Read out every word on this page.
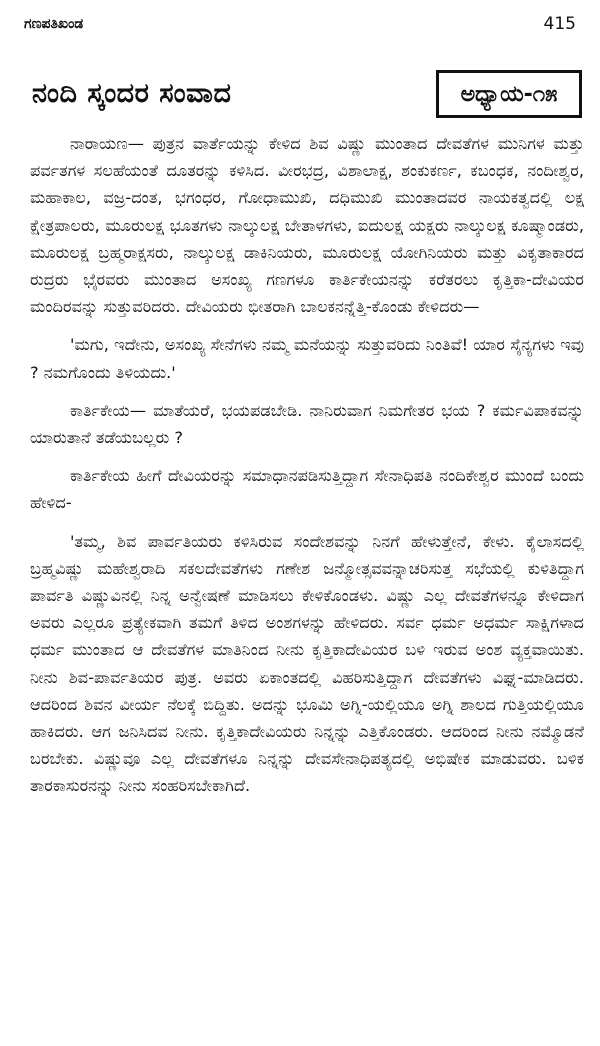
ಗಣಪತಿಖಂಡ	415
ನಂದಿ ಸ್ಕಂದರ ಸಂವಾದ	ಅಧ್ಯಾಯ-೧೫

ನಾರಾಯಣ— ಪುತ್ರನ ವಾರ್ತೆಯನ್ನು ಕೇಳಿದ ಶಿವ ವಿಷ್ಣು ಮುಂತಾದ ದೇವತೆಗಳ ಮುನಿಗಳ ಮತ್ತು ಪರ್ವತಗಳ ಸಲಹೆಯಂತೆ ದೂತರನ್ನು ಕಳಿಸಿದ. ವೀರಭದ್ರ, ವಿಶಾಲಾಕ್ಷ, ಶಂಕುಕರ್ಣ, ಕಬಂಧಕ, ನಂದೀಶ್ವರ, ಮಹಾಕಾಲ, ವಜ್ರ-ದಂತ, ಭಗಂಧರ, ಗೋಧಾಮುಖಿ, ದಧಿಮುಖಿ ಮುಂತಾದವರ ನಾಯಕತ್ವದಲ್ಲಿ ಲಕ್ಷ ಕ್ಷೇತ್ರಪಾಲರು, ಮೂರುಲಕ್ಷ ಭೂತಗಳು ನಾಲ್ಕುಲಕ್ಷ ಬೇತಾಳಗಳು, ಐದುಲಕ್ಷ ಯಕ್ಷರು ನಾಲ್ಕುಲಕ್ಷ ಕೂಷ್ಮಾಂಡರು, ಮೂರುಲಕ್ಷ ಬ್ರಹ್ಮರಾಕ್ಷಸರು, ನಾಲ್ಕುಲಕ್ಷ ಡಾಕಿನಿಯರು, ಮೂರುಲಕ್ಷ ಯೋಗಿನಿಯರು ಮತ್ತು ವಿಕೃತಾಕಾರದ ರುದ್ರರು ಭೈರವರು ಮುಂತಾದ ಅಸಂಖ್ಯ ಗಣಗಳೂ ಕಾರ್ತಿಕೇಯನನ್ನು ಕರೆತರಲು ಕೃತ್ತಿಕಾ-ದೇವಿಯರ ಮಂದಿರವನ್ನು ಸುತ್ತುವರಿದರು. ದೇವಿಯರು ಭೀತರಾಗಿ ಬಾಲಕನನ್ನೆತ್ತಿ-ಕೊಂಡು ಕೇಳಿದರು—

'ಮಗು, ಇದೇನು, ಅಸಂಖ್ಯ ಸೇನೆಗಳು ನಮ್ಮ ಮನೆಯನ್ನು ಸುತ್ತುವರಿದು ನಿಂತಿವೆ! ಯಾರ ಸೈನ್ಯಗಳು ಇವು ? ನಮಗೊಂದು ತಿಳಿಯದು.'

ಕಾರ್ತಿಕೇಯ— ಮಾತೆಯರೆ, ಭಯಪಡಬೇಡಿ. ನಾನಿರುವಾಗ ನಿಮಗೇತರ ಭಯ ? ಕರ್ಮವಿಪಾಕವನ್ನು ಯಾರುತಾನೆ ತಡೆಯಬಲ್ಲರು ?

ಕಾರ್ತಿಕೇಯ ಹೀಗೆ ದೇವಿಯರನ್ನು ಸಮಾಧಾನಪಡಿಸುತ್ತಿದ್ದಾಗ ಸೇನಾಧಿಪತಿ ನಂದಿಕೇಶ್ವರ ಮುಂದೆ ಬಂದು ಹೇಳಿದ-

'ತಮ್ಮ, ಶಿವ ಪಾರ್ವತಿಯರು ಕಳಿಸಿರುವ ಸಂದೇಶವನ್ನು ನಿನಗೆ ಹೇಳುತ್ತೇನೆ, ಕೇಳು. ಕೈಲಾಸದಲ್ಲಿ ಬ್ರಹ್ಮವಿಷ್ಣು ಮಹೇಶ್ವರಾದಿ ಸಕಲದೇವತೆಗಳು ಗಣೇಶ ಜನ್ಮೋತ್ಸವವನ್ನಾಚರಿಸುತ್ತ ಸಭೆಯಲ್ಲಿ ಕುಳಿತಿದ್ದಾಗ ಪಾರ್ವತಿ ವಿಷ್ಣುವಿನಲ್ಲಿ ನಿನ್ನ ಅನ್ವೇಷಣೆ ಮಾಡಿಸಲು ಕೇಳಿಕೊಂಡಳು. ವಿಷ್ಣು ಎಲ್ಲ ದೇವತೆಗಳನ್ನೂ ಕೇಳಿದಾಗ ಅವರು ಎಲ್ಲರೂ ಪ್ರತ್ಯೇಕವಾಗಿ ತಮಗೆ ತಿಳಿದ ಅಂಶಗಳನ್ನು ಹೇಳಿದರು. ಸರ್ವ ಧರ್ಮ ಅಧರ್ಮ ಸಾಕ್ಷಿಗಳಾದ ಧರ್ಮ ಮುಂತಾದ ಆ ದೇವತೆಗಳ ಮಾತಿನಿಂದ ನೀನು ಕೃತ್ತಿಕಾದೇವಿಯರ ಬಳಿ ಇರುವ ಅಂಶ ವ್ಯಕ್ತವಾಯಿತು. ನೀನು ಶಿವ-ಪಾರ್ವತಿಯರ ಪುತ್ರ. ಅವರು ಏಕಾಂತದಲ್ಲಿ ವಿಹರಿಸುತ್ತಿದ್ದಾಗ ದೇವತೆಗಳು ವಿಘ್ನ-ಮಾಡಿದರು. ಆದರಿಂದ ಶಿವನ ವೀರ್ಯ ನೆಲಕ್ಕೆ ಬಿದ್ದಿತು. ಅದನ್ನು ಭೂಮಿ ಅಗ್ನಿ-ಯಲ್ಲಿಯೂ ಅಗ್ನಿ ಶಾಲದ ಗುತ್ತಿಯಲ್ಲಿಯೂ ಹಾಕಿದರು. ಆಗ ಜನಿಸಿದವ ನೀನು. ಕೃತ್ತಿಕಾದೇವಿಯರು ನಿನ್ನನ್ನು ಎತ್ತಿಕೊಂಡರು. ಆದರಿಂದ ನೀನು ನಮ್ಮೊಡನೆ ಬರಬೇಕು. ವಿಷ್ಣುವೂ ಎಲ್ಲ ದೇವತೆಗಳೂ ನಿನ್ನನ್ನು ದೇವಸೇನಾಧಿಪತ್ಯದಲ್ಲಿ ಅಭಿಷೇಕ ಮಾಡುವರು. ಬಳಿಕ ತಾರಕಾಸುರನನ್ನು ನೀನು ಸಂಹರಿಸಬೇಕಾಗಿದೆ.
